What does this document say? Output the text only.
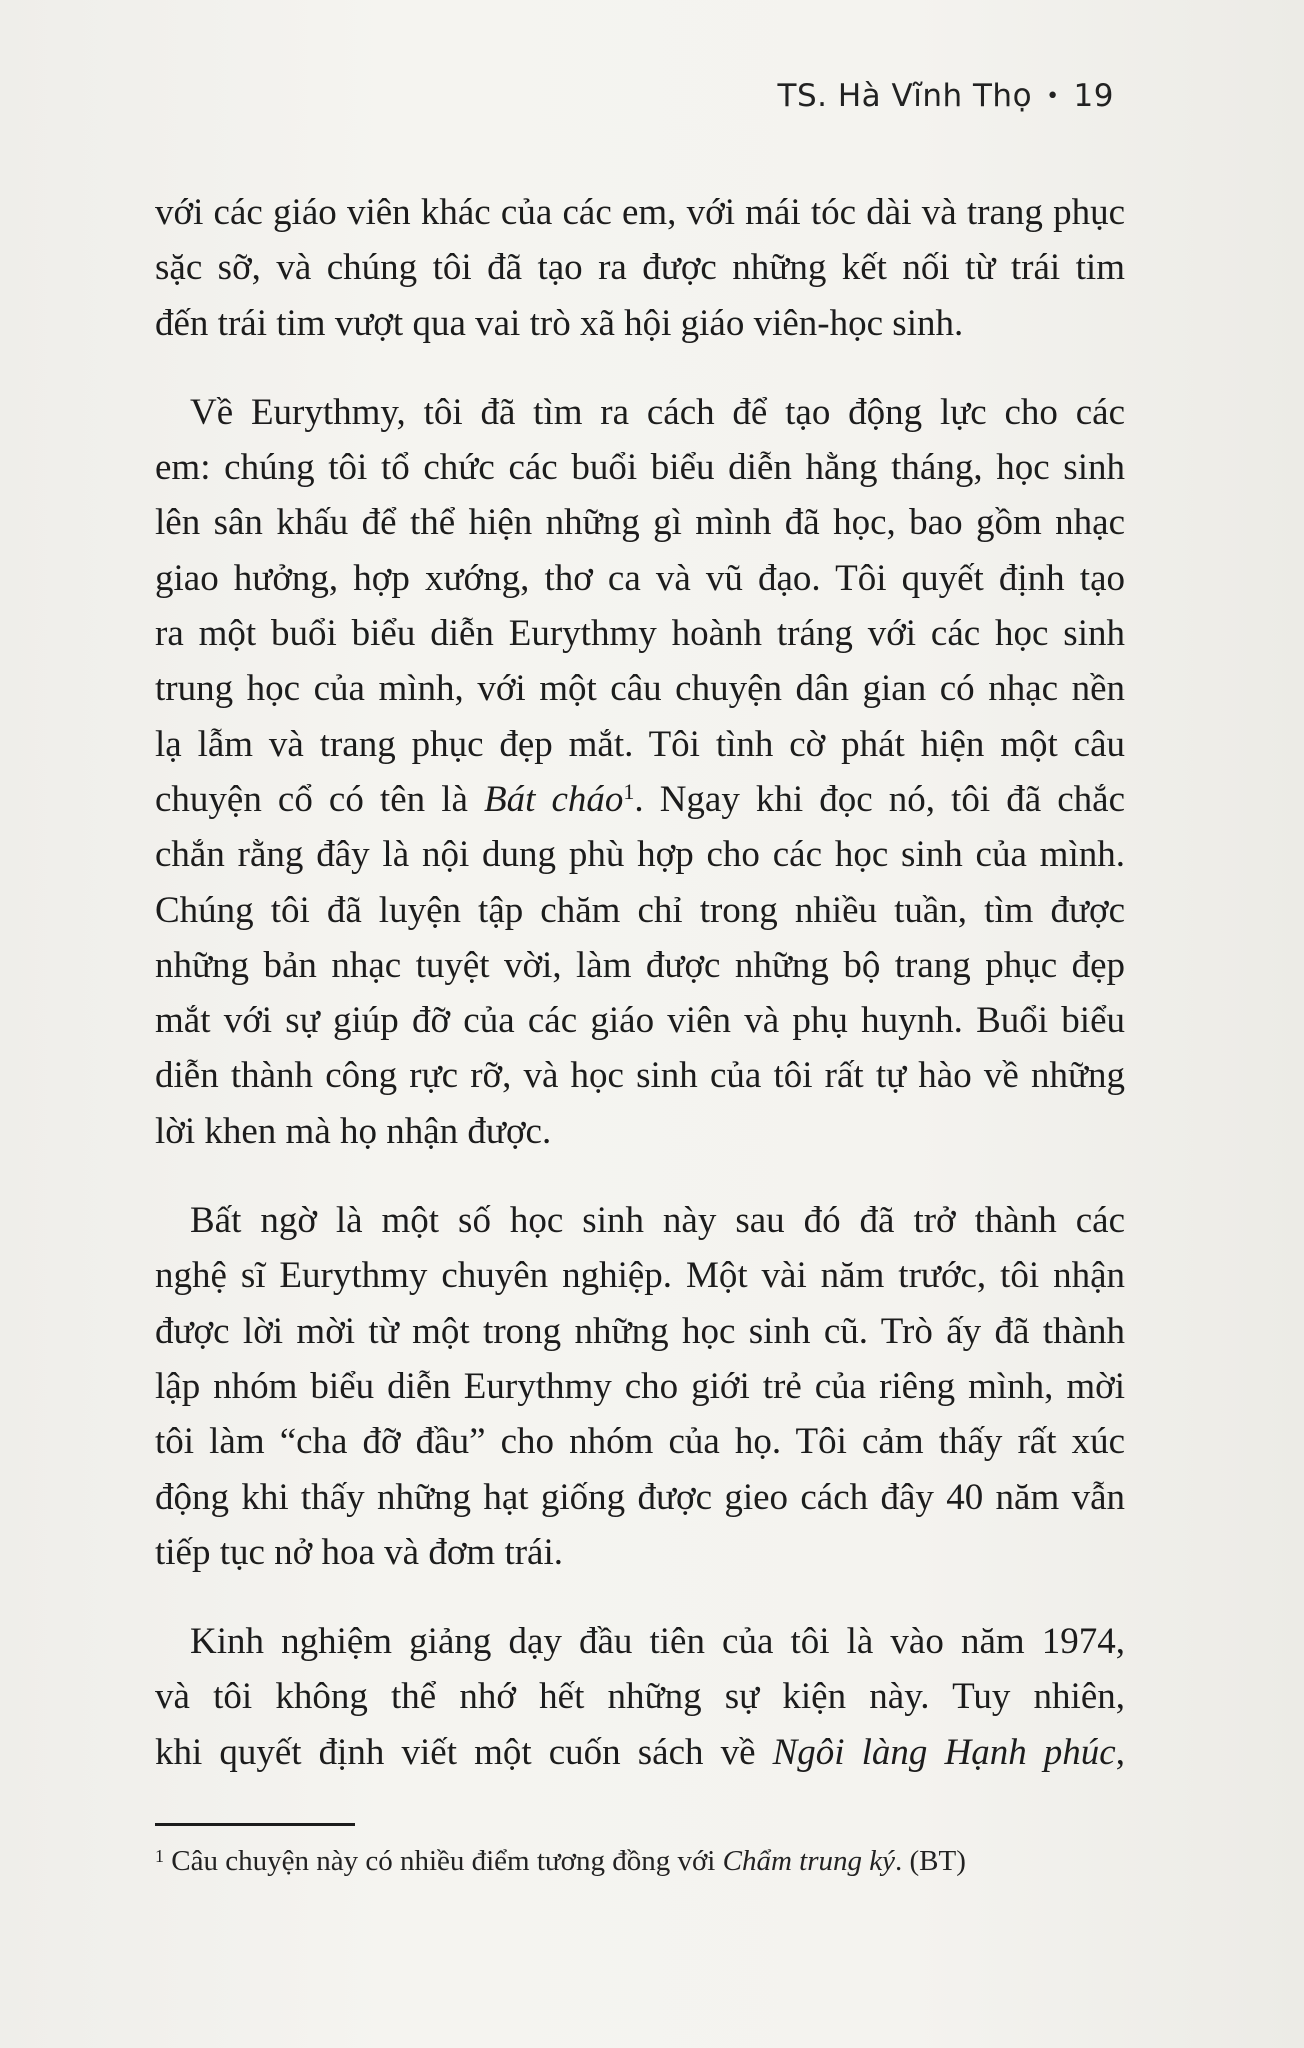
TS. Hà Vĩnh Thọ • 19

với các giáo viên khác của các em, với mái tóc dài và trang phục
sặc sỡ, và chúng tôi đã tạo ra được những kết nối từ trái tim
đến trái tim vượt qua vai trò xã hội giáo viên-học sinh.

Về Eurythmy, tôi đã tìm ra cách để tạo động lực cho các
em: chúng tôi tổ chức các buổi biểu diễn hằng tháng, học sinh
lên sân khấu để thể hiện những gì mình đã học, bao gồm nhạc
giao hưởng, hợp xướng, thơ ca và vũ đạo. Tôi quyết định tạo
ra một buổi biểu diễn Eurythmy hoành tráng với các học sinh
trung học của mình, với một câu chuyện dân gian có nhạc nền
lạ lẫm và trang phục đẹp mắt. Tôi tình cờ phát hiện một câu
chuyện cổ có tên là Bát cháo$^1$. Ngay khi đọc nó, tôi đã chắc
chắn rằng đây là nội dung phù hợp cho các học sinh của mình.
Chúng tôi đã luyện tập chăm chỉ trong nhiều tuần, tìm được
những bản nhạc tuyệt vời, làm được những bộ trang phục đẹp
mắt với sự giúp đỡ của các giáo viên và phụ huynh. Buổi biểu
diễn thành công rực rỡ, và học sinh của tôi rất tự hào về những
lời khen mà họ nhận được.

Bất ngờ là một số học sinh này sau đó đã trở thành các
nghệ sĩ Eurythmy chuyên nghiệp. Một vài năm trước, tôi nhận
được lời mời từ một trong những học sinh cũ. Trò ấy đã thành
lập nhóm biểu diễn Eurythmy cho giới trẻ của riêng mình, mời
tôi làm “cha đỡ đầu” cho nhóm của họ. Tôi cảm thấy rất xúc
động khi thấy những hạt giống được gieo cách đây 40 năm vẫn
tiếp tục nở hoa và đơm trái.

Kinh nghiệm giảng dạy đầu tiên của tôi là vào năm 1974,
và tôi không thể nhớ hết những sự kiện này. Tuy nhiên,
khi quyết định viết một cuốn sách về Ngôi làng Hạnh phúc,

$^1$ Câu chuyện này có nhiều điểm tương đồng với Chẩm trung ký. (BT)
